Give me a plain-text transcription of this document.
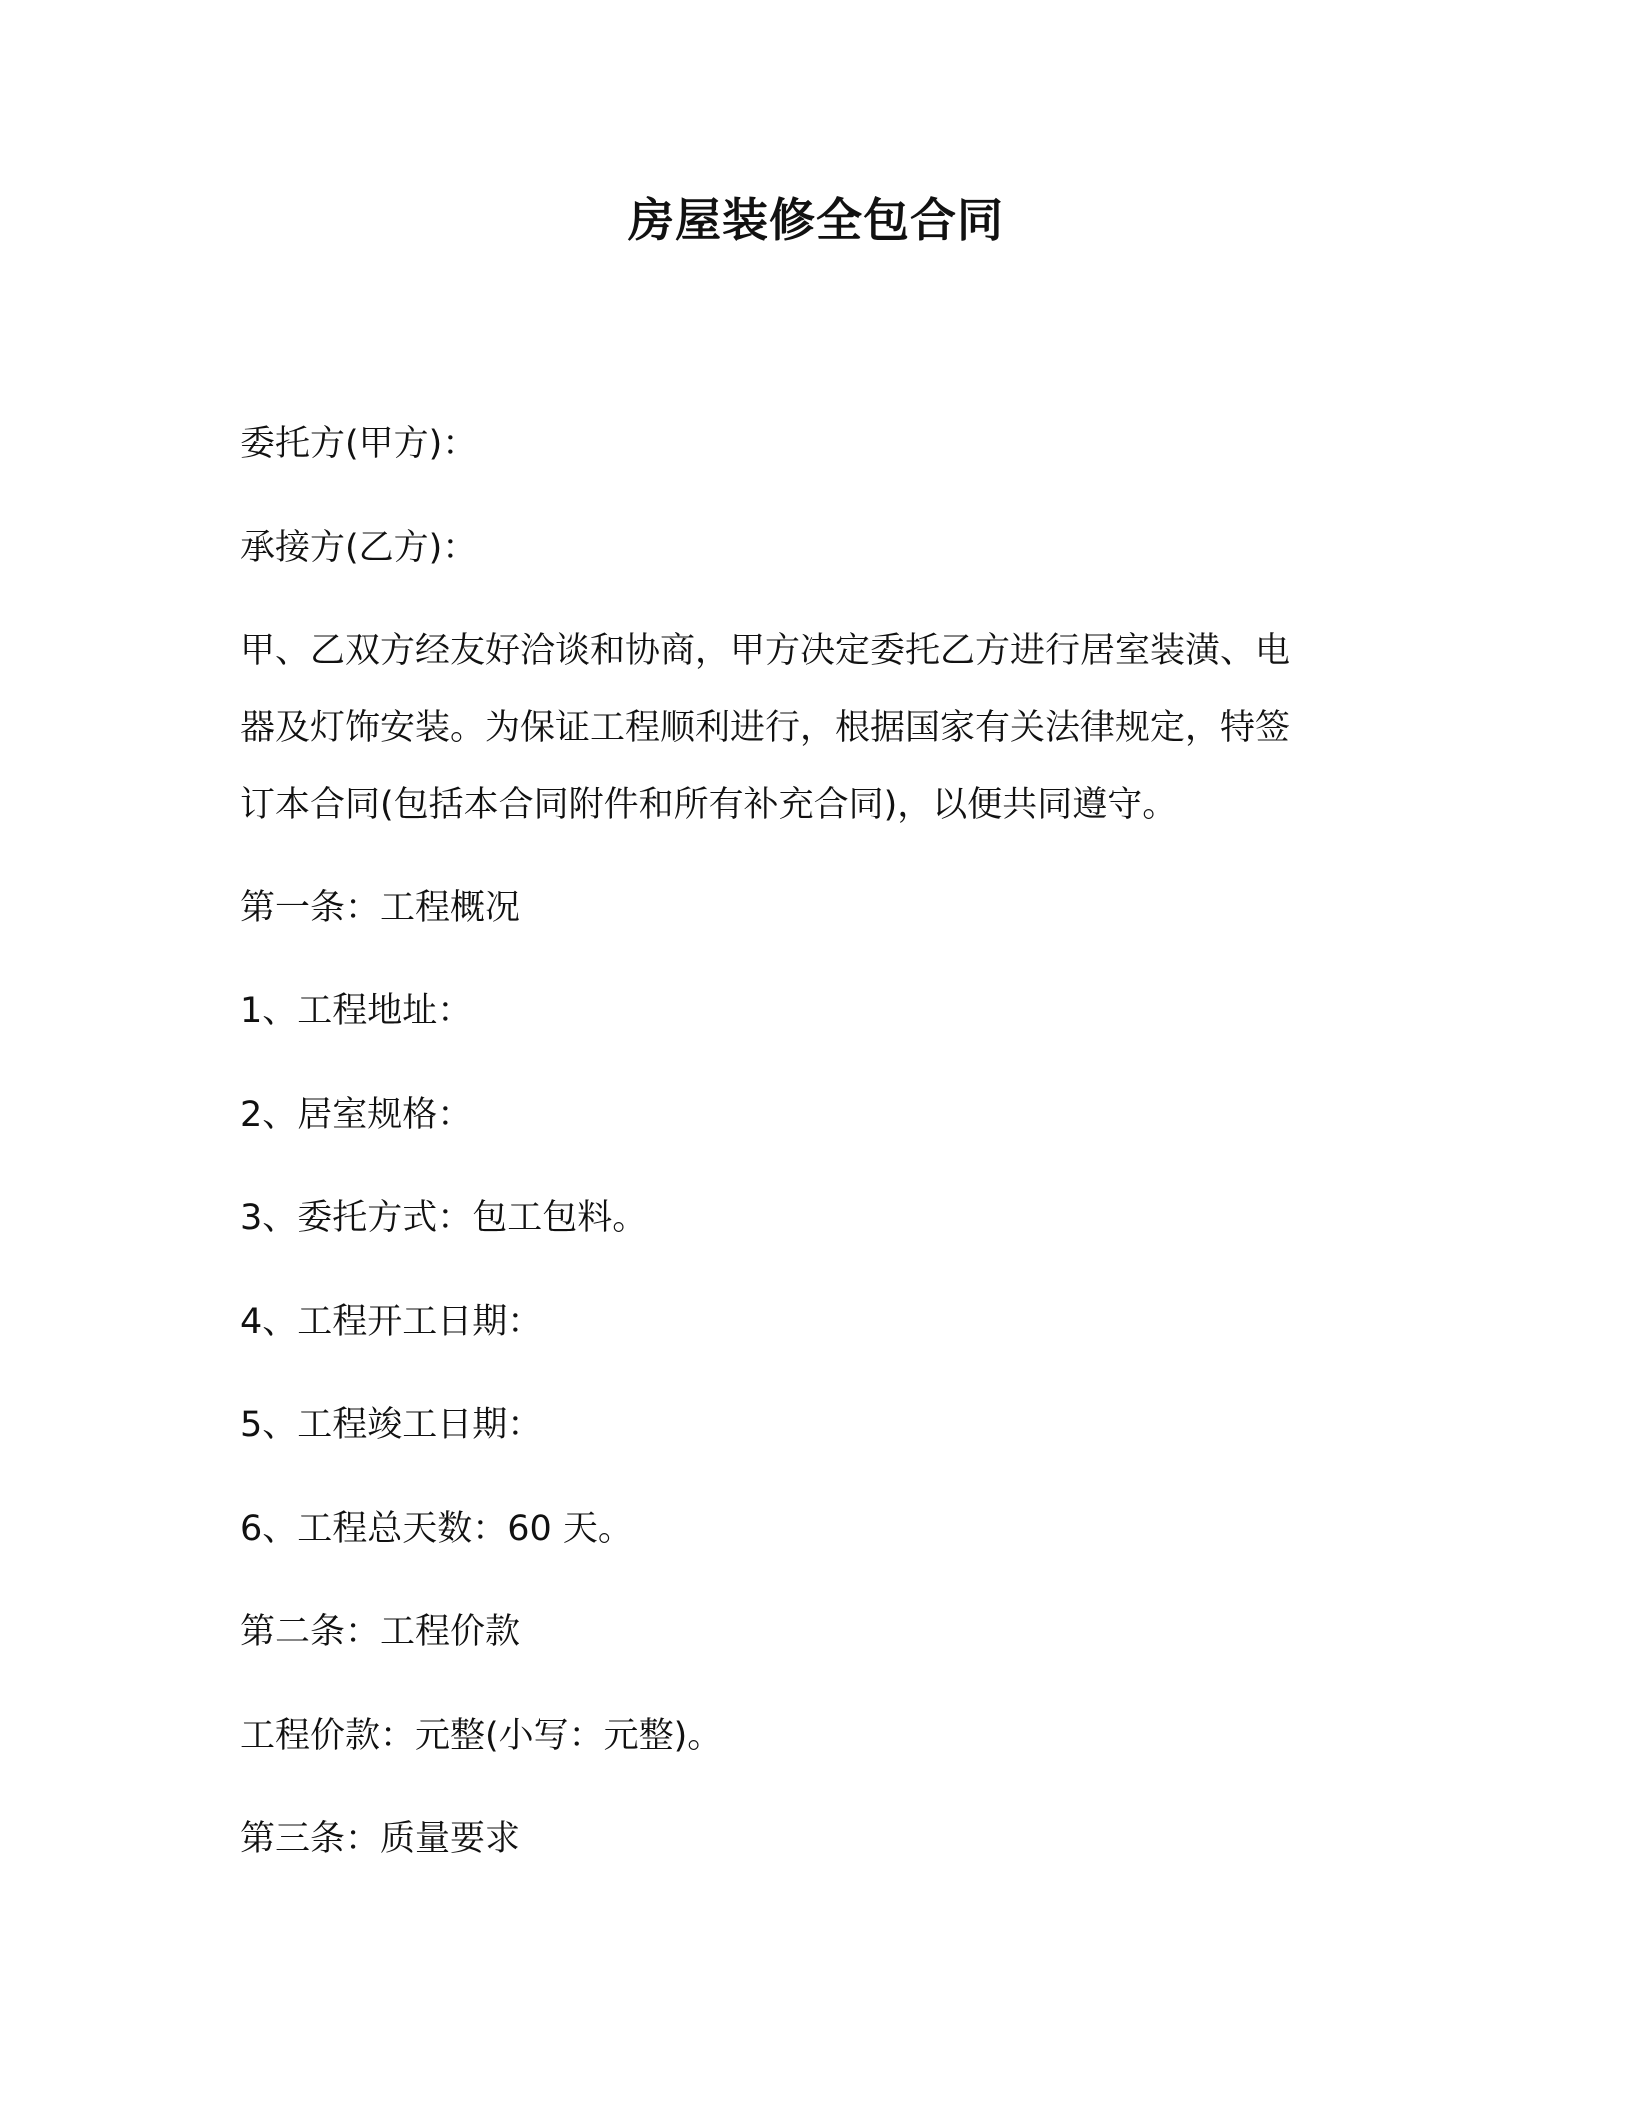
房屋装修全包合同
委托方(甲方)：
承接方(乙方)：
甲、乙双方经友好洽谈和协商，甲方决定委托乙方进行居室装潢、电
器及灯饰安装。为保证工程顺利进行，根据国家有关法律规定，特签
订本合同(包括本合同附件和所有补充合同)，以便共同遵守。
第一条：工程概况
1、工程地址：
2、居室规格：
3、委托方式：包工包料。
4、工程开工日期：
5、工程竣工日期：
6、工程总天数：60 天。
第二条：工程价款
工程价款：元整(小写：元整)。
第三条：质量要求
